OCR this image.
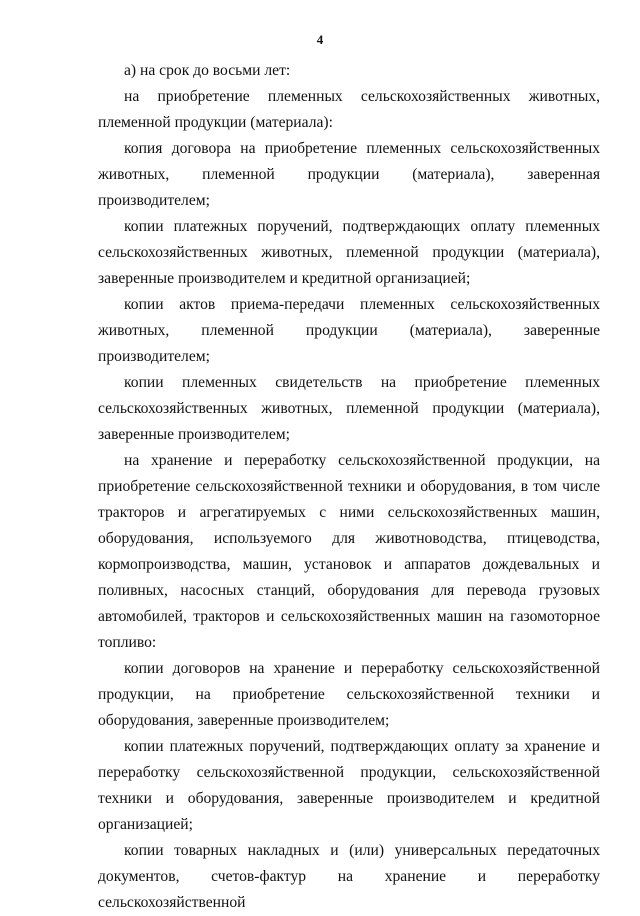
4

а) на срок до восьми лет:

на приобретение племенных сельскохозяйственных животных, племенной продукции (материала):

копия договора на приобретение племенных сельскохозяйственных животных, племенной продукции (материала), заверенная производителем;

копии платежных поручений, подтверждающих оплату племенных сельскохозяйственных животных, племенной продукции (материала), заверенные производителем и кредитной организацией;

копии актов приема-передачи племенных сельскохозяйственных животных, племенной продукции (материала), заверенные производителем;

копии племенных свидетельств на приобретение племенных сельскохозяйственных животных, племенной продукции (материала), заверенные производителем;

на хранение и переработку сельскохозяйственной продукции, на приобретение сельскохозяйственной техники и оборудования, в том числе тракторов и агрегатируемых с ними сельскохозяйственных машин, оборудования, используемого для животноводства, птицеводства, кормопроизводства, машин, установок и аппаратов дождевальных и поливных, насосных станций, оборудования для перевода грузовых автомобилей, тракторов и сельскохозяйственных машин на газомоторное топливо:

копии договоров на хранение и переработку сельскохозяйственной продукции, на приобретение сельскохозяйственной техники и оборудования, заверенные производителем;

копии платежных поручений, подтверждающих оплату за хранение и переработку сельскохозяйственной продукции, сельскохозяйственной техники и оборудования, заверенные производителем и кредитной организацией;

копии товарных накладных и (или) универсальных передаточных документов, счетов-фактур на хранение и переработку сельскохозяйственной
